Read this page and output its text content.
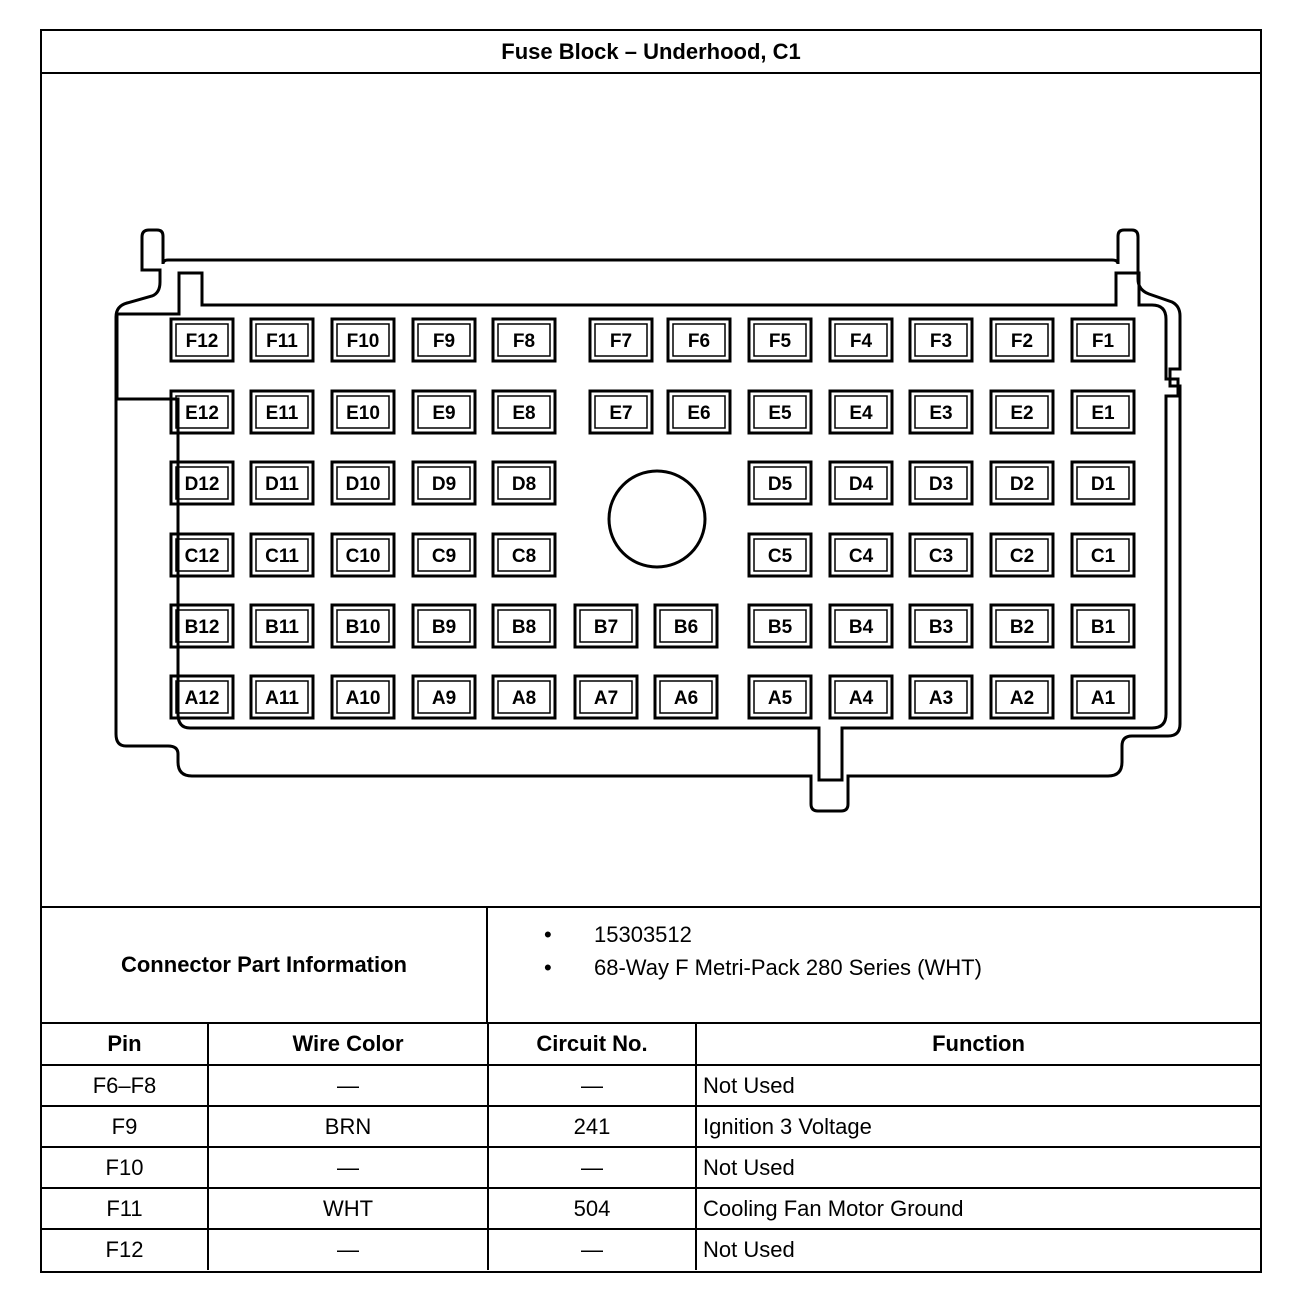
Fuse Block – Underhood, C1
F12	F11	F10	F9	F8	F7	F6	F5	F4	F3	F2	F1
E12 E11	E10	E9	E8	E7	E6	E5	E4	E3	E2	E1
D12 D11 D10	D9	D8	D5	D4	D3	D2	D1
C12 C11 C10	C9	C8	C5	C4	C3	C2	C1
B12 B11 B10	B9	B8	B7	B6	B5	B4	B3	B2	B1
A12 A11 A10	A9	A8	A7	A6	A5	A4	A3	A2	A1
Connector Part Information
• 15303512
• 68-Way F Metri-Pack 280 Series (WHT)
Pin	Wire Color	Circuit No.	Function
F6–F8	—	—	Not Used
F9	BRN	241	Ignition 3 Voltage
F10	—	—	Not Used
F11	WHT	504	Cooling Fan Motor Ground
F12	—	—	Not Used
